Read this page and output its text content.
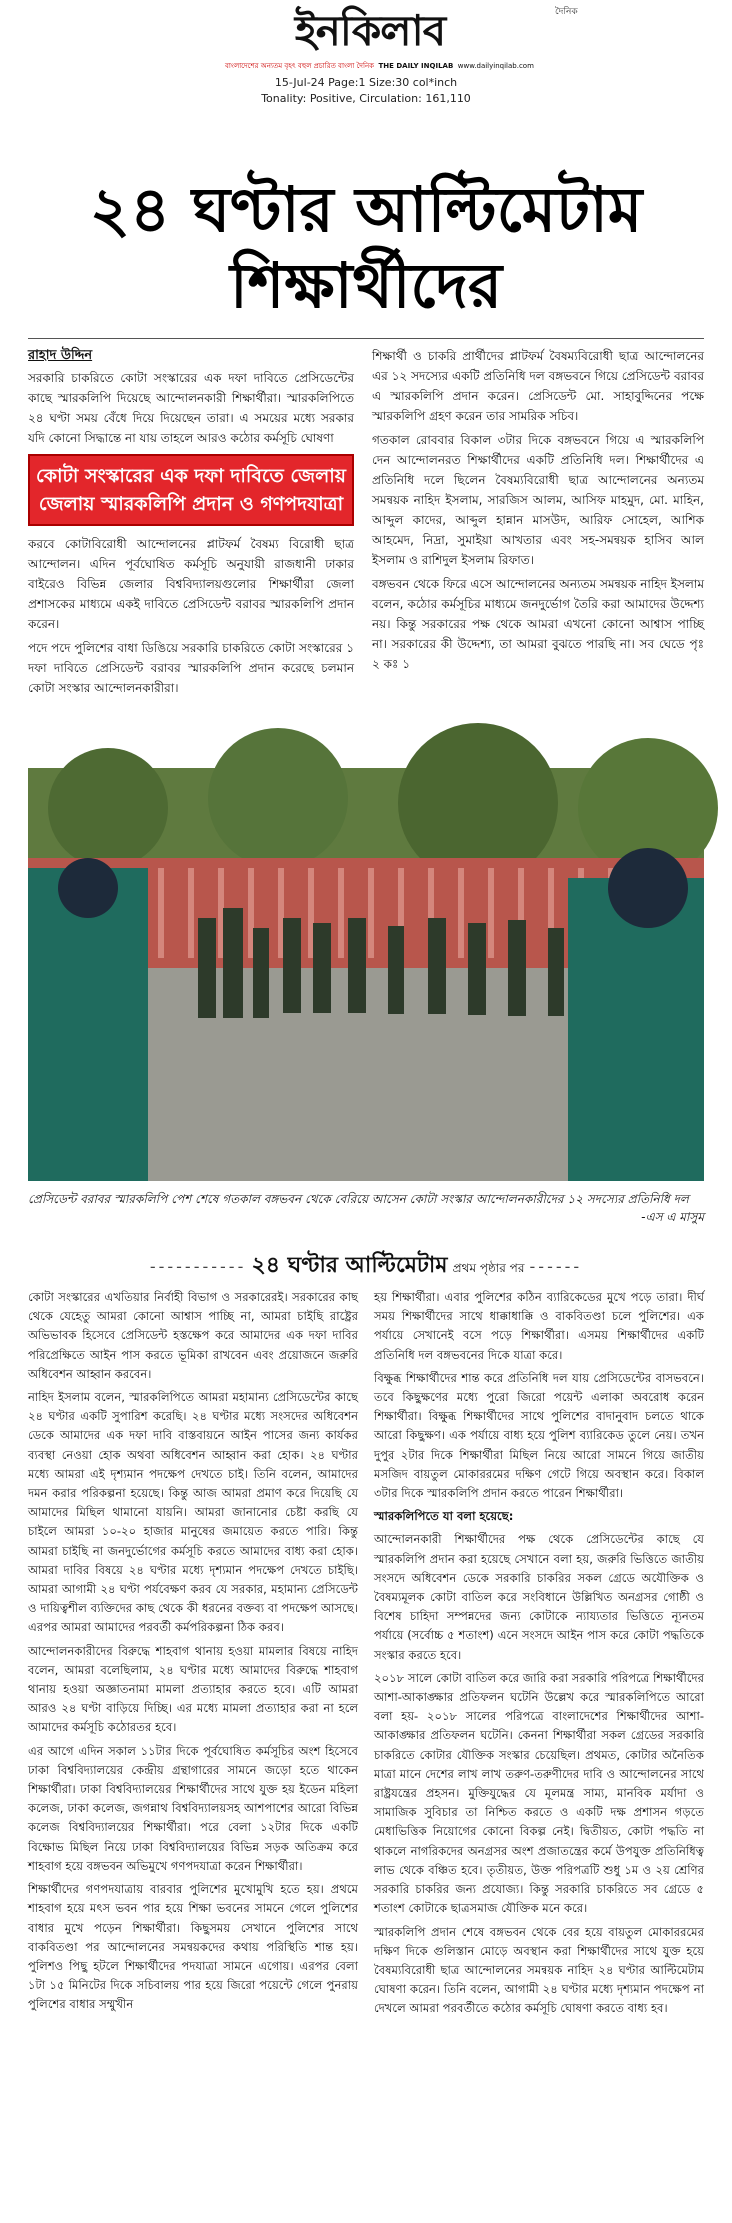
দৈনিক
ইনকিলাব
বাংলাদেশের অন্যতম বৃহৎ বহুল প্রচারিত বাংলা দৈনিক THE DAILY INQILAB www.dailyinqilab.com
15-Jul-24 Page:1 Size:30 col*inch
Tonality: Positive, Circulation: 161,110
২৪ ঘণ্টার আল্টিমেটাম
শিক্ষার্থীদের
রাহাদ উদ্দিন

সরকারি চাকরিতে কোটা সংস্কারের এক দফা দাবিতে প্রেসিডেন্টের কাছে স্মারকলিপি দিয়েছে আন্দোলনকারী শিক্ষার্থীরা। স্মারকলিপিতে ২৪ ঘণ্টা সময় বেঁধে দিয়ে দিয়েছেন তারা। এ সময়ের মধ্যে সরকার যদি কোনো সিদ্ধান্তে না যায় তাহলে আরও কঠোর কর্মসূচি ঘোষণা

কোটা সংস্কারের এক দফা দাবিতে জেলায় জেলায় স্মারকলিপি প্রদান ও গণপদযাত্রা

করবে কোটাবিরোধী আন্দোলনের প্লাটফর্ম বৈষম্য বিরোধী ছাত্র আন্দোলন। এদিন পূর্বঘোষিত কর্মসূচি অনুযায়ী রাজধানী ঢাকার বাইরেও বিভিন্ন জেলার বিশ্ববিদ্যালয়গুলোর শিক্ষার্থীরা জেলা প্রশাসকের মাধ্যমে একই দাবিতে প্রেসিডেন্ট বরাবর স্মারকলিপি প্রদান করেন।

পদে পদে পুলিশের বাধা ডিঙিয়ে সরকারি চাকরিতে কোটা সংস্কারের ১ দফা দাবিতে প্রেসিডেন্ট বরাবর স্মারকলিপি প্রদান করেছে চলমান কোটা সংস্কার আন্দোলনকারীরা।

শিক্ষার্থী ও চাকরি প্রার্থীদের প্লাটফর্ম বৈষম্যবিরোধী ছাত্র আন্দোলনের এর ১২ সদস্যের একটি প্রতিনিধি দল বঙ্গভবনে গিয়ে প্রেসিডেন্ট বরাবর এ স্মারকলিপি প্রদান করেন। প্রেসিডেন্ট মো. সাহাবুদ্দিনের পক্ষে স্মারকলিপি গ্রহণ করেন তার সামরিক সচিব।

গতকাল রোববার বিকাল ৩টার দিকে বঙ্গভবনে গিয়ে এ স্মারকলিপি দেন আন্দোলনরত শিক্ষার্থীদের একটি প্রতিনিধি দল। শিক্ষার্থীদের এ প্রতিনিধি দলে ছিলেন বৈষম্যবিরোধী ছাত্র আন্দোলনের অন্যতম সমন্বয়ক নাহিদ ইসলাম, সারজিস আলম, আসিফ মাহমুদ, মো. মাহিন, আব্দুল কাদের, আব্দুল হান্নান মাসউদ, আরিফ সোহেল, আশিক আহমেদ, নিদ্রা, সুমাইয়া আখতার এবং সহ-সমন্বয়ক হাসিব আল ইসলাম ও রাশিদুল ইসলাম রিফাত।

বঙ্গভবন থেকে ফিরে এসে আন্দোলনের অন্যতম সমন্বয়ক নাহিদ ইসলাম বলেন, কঠোর কর্মসূচির মাধ্যমে জনদুর্ভোগ তৈরি করা আমাদের উদ্দেশ্য নয়। কিন্তু সরকারের পক্ষ থেকে আমরা এখনো কোনো আশ্বাস পাচ্ছি না। সরকারের কী উদ্দেশ্য, তা আমরা বুঝতে পারছি না। সব ঘেডে পৃঃ ২ কঃ ১

প্রেসিডেন্ট বরাবর স্মারকলিপি পেশ শেষে গতকাল বঙ্গভবন থেকে বেরিয়ে আসেন কোটা সংস্কার আন্দোলনকারীদের ১২ সদস্যের প্রতিনিধি দল
-এস এ মাসুম
----------- ২৪ ঘণ্টার আল্টিমেটাম প্রথম পৃষ্ঠার পর ------

কোটা সংস্কারের এখতিয়ার নির্বাহী বিভাগ ও সরকারেরই। সরকারের কাছ থেকে যেহেতু আমরা কোনো আশ্বাস পাচ্ছি না, আমরা চাইছি রাষ্ট্রের অভিভাবক হিসেবে প্রেসিডেন্ট হস্তক্ষেপ করে আমাদের এক দফা দাবির পরিপ্রেক্ষিতে আইন পাস করতে ভূমিকা রাখবেন এবং প্রয়োজনে জরুরি অধিবেশন আহ্বান করবেন।

নাহিদ ইসলাম বলেন, স্মারকলিপিতে আমরা মহামান্য প্রেসিডেন্টের কাছে ২৪ ঘণ্টার একটি সুপারিশ করেছি। ২৪ ঘণ্টার মধ্যে সংসদের অধিবেশন ডেকে আমাদের এক দফা দাবি বাস্তবায়নে আইন পাসের জন্য কার্যকর ব্যবস্থা নেওয়া হোক অথবা অধিবেশন আহ্বান করা হোক। ২৪ ঘণ্টার মধ্যে আমরা এই দৃশ্যমান পদক্ষেপ দেখতে চাই। তিনি বলেন, আমাদের দমন করার পরিকল্পনা হয়েছে। কিন্তু আজ আমরা প্রমাণ করে দিয়েছি যে আমাদের মিছিল থামানো যায়নি। আমরা জানানোর চেষ্টা করছি যে চাইলে আমরা ১০-২০ হাজার মানুষের জমায়েত করতে পারি। কিন্তু আমরা চাইছি না জনদুর্ভোগের কর্মসূচি করতে আমাদের বাধ্য করা হোক। আমরা দাবির বিষয়ে ২৪ ঘণ্টার মধ্যে দৃশ্যমান পদক্ষেপ দেখতে চাইছি। আমরা আগামী ২৪ ঘণ্টা পর্যবেক্ষণ করব যে সরকার, মহামান্য প্রেসিডেন্ট ও দায়িত্বশীল ব্যক্তিদের কাছ থেকে কী ধরনের বক্তব্য বা পদক্ষেপ আসছে। এরপর আমরা আমাদের পরবর্তী কর্মপরিকল্পনা ঠিক করব।

আন্দোলনকারীদের বিরুদ্ধে শাহবাগ থানায় হওয়া মামলার বিষয়ে নাহিদ বলেন, আমরা বলেছিলাম, ২৪ ঘণ্টার মধ্যে আমাদের বিরুদ্ধে শাহবাগ থানায় হওয়া অজ্ঞাতনামা মামলা প্রত্যাহার করতে হবে। এটি আমরা আরও ২৪ ঘণ্টা বাড়িয়ে দিচ্ছি। এর মধ্যে মামলা প্রত্যাহার করা না হলে আমাদের কর্মসূচি কঠোরতর হবে।

এর আগে এদিন সকাল ১১টার দিকে পূর্বঘোষিত কর্মসূচির অংশ হিসেবে ঢাকা বিশ্ববিদ্যালয়ের কেন্দ্রীয় গ্রন্থাগারের সামনে জড়ো হতে থাকেন শিক্ষার্থীরা। ঢাকা বিশ্ববিদ্যালয়ের শিক্ষার্থীদের সাথে যুক্ত হয় ইডেন মহিলা কলেজ, ঢাকা কলেজ, জগন্নাথ বিশ্ববিদ্যালয়সহ আশপাশের আরো বিভিন্ন কলেজ বিশ্ববিদ্যালয়ের শিক্ষার্থীরা। পরে বেলা ১২টার দিকে একটি বিক্ষোভ মিছিল নিয়ে ঢাকা বিশ্ববিদ্যালয়ের বিভিন্ন সড়ক অতিক্রম করে শাহবাগ হয়ে বঙ্গভবন অভিমুখে গণপদযাত্রা করেন শিক্ষার্থীরা।

শিক্ষার্থীদের গণপদযাত্রায় বারবার পুলিশের মুখোমুখি হতে হয়। প্রথমে শাহবাগ হয়ে মৎস ভবন পার হয়ে শিক্ষা ভবনের সামনে গেলে পুলিশের বাধার মুখে পড়েন শিক্ষার্থীরা। কিছুসময় সেখানে পুলিশের সাথে বাকবিতণ্ডা পর আন্দোলনের সমন্বয়কদের কথায় পরিস্থিতি শান্ত হয়। পুলিশও পিছু হটলে শিক্ষার্থীদের পদযাত্রা সামনে এগোয়। এরপর বেলা ১টা ১৫ মিনিটের দিকে সচিবালয় পার হয়ে জিরো পয়েন্টে গেলে পুনরায় পুলিশের বাধার সম্মুখীন

হয় শিক্ষার্থীরা। এবার পুলিশের কঠিন ব্যারিকেডের মুখে পড়ে তারা। দীর্ঘ সময় শিক্ষার্থীদের সাথে ধাক্কাধাক্কি ও বাকবিতণ্ডা চলে পুলিশের। এক পর্যায়ে সেখানেই বসে পড়ে শিক্ষার্থীরা। এসময় শিক্ষার্থীদের একটি প্রতিনিধি দল বঙ্গভবনের দিকে যাত্রা করে।

বিক্ষুব্ধ শিক্ষার্থীদের শান্ত করে প্রতিনিধি দল যায় প্রেসিডেন্টের বাসভবনে। তবে কিছুক্ষণের মধ্যে পুরো জিরো পয়েন্ট এলাকা অবরোধ করেন শিক্ষার্থীরা। বিক্ষুব্ধ শিক্ষার্থীদের সাথে পুলিশের বাদানুবাদ চলতে থাকে আরো কিছুক্ষণ। এক পর্যায়ে বাধ্য হয়ে পুলিশ ব্যারিকেড তুলে নেয়। তখন দুপুর ২টার দিকে শিক্ষার্থীরা মিছিল নিয়ে আরো সামনে গিয়ে জাতীয় মসজিদ বায়তুল মোকাররমের দক্ষিণ গেটে গিয়ে অবস্থান করে। বিকাল ৩টার দিকে স্মারকলিপি প্রদান করতে পারেন শিক্ষার্থীরা।

স্মারকলিপিতে যা বলা হয়েছে:

আন্দোলনকারী শিক্ষার্থীদের পক্ষ থেকে প্রেসিডেন্টের কাছে যে স্মারকলিপি প্রদান করা হয়েছে সেখানে বলা হয়, জরুরি ভিত্তিতে জাতীয় সংসদে অধিবেশন ডেকে সরকারি চাকরির সকল গ্রেডে অযৌক্তিক ও বৈষম্যমূলক কোটা বাতিল করে সংবিধানে উল্লিখিত অনগ্রসর গোষ্ঠী ও বিশেষ চাহিদা সম্পন্নদের জন্য কোটাকে ন্যায্যতার ভিত্তিতে ন্যূনতম পর্যায়ে (সর্বোচ্চ ৫ শতাংশ) এনে সংসদে আইন পাস করে কোটা পদ্ধতিকে সংস্কার করতে হবে।

২০১৮ সালে কোটা বাতিল করে জারি করা সরকারি পরিপত্রে শিক্ষার্থীদের আশা-আকাঙ্ক্ষার প্রতিফলন ঘটেনি উল্লেখ করে স্মারকলিপিতে আরো বলা হয়- ২০১৮ সালের পরিপত্রে বাংলাদেশের শিক্ষার্থীদের আশা-আকাঙ্ক্ষার প্রতিফলন ঘটেনি। কেননা শিক্ষার্থীরা সকল গ্রেডের সরকারি চাকরিতে কোটার যৌক্তিক সংস্কার চেয়েছিল। প্রথমত, কোটার অনৈতিক মাত্রা মানে দেশের লাখ লাখ তরুণ-তরুণীদের দাবি ও আন্দোলনের সাথে রাষ্ট্রযন্ত্রের প্রহসন। মুক্তিযুদ্ধের যে মূলমন্ত্র সাম্য, মানবিক মর্যাদা ও সামাজিক সুবিচার তা নিশ্চিত করতে ও একটি দক্ষ প্রশাসন গড়তে মেধাভিত্তিক নিয়োগের কোনো বিকল্প নেই। দ্বিতীয়ত, কোটা পদ্ধতি না থাকলে নাগরিকদের অনগ্রসর অংশ প্রজাতন্ত্রের কর্মে উপযুক্ত প্রতিনিধিত্ব লাভ থেকে বঞ্চিত হবে। তৃতীয়ত, উক্ত পরিপত্রটি শুধু ১ম ও ২য় শ্রেণির সরকারি চাকরির জন্য প্রযোজ্য। কিন্তু সরকারি চাকরিতে সব গ্রেডে ৫ শতাংশ কোটাকে ছাত্রসমাজ যৌক্তিক মনে করে।

স্মারকলিপি প্রদান শেষে বঙ্গভবন থেকে বের হয়ে বায়তুল মোকাররমের দক্ষিণ দিকে গুলিস্তান মোড়ে অবস্থান করা শিক্ষার্থীদের সাথে যুক্ত হয়ে বৈষম্যবিরোধী ছাত্র আন্দোলনের সমন্বয়ক নাহিদ ২৪ ঘণ্টার আল্টিমেটাম ঘোষণা করেন। তিনি বলেন, আগামী ২৪ ঘণ্টার মধ্যে দৃশ্যমান পদক্ষেপ না দেখলে আমরা পরবর্তীতে কঠোর কর্মসূচি ঘোষণা করতে বাধ্য হব।
